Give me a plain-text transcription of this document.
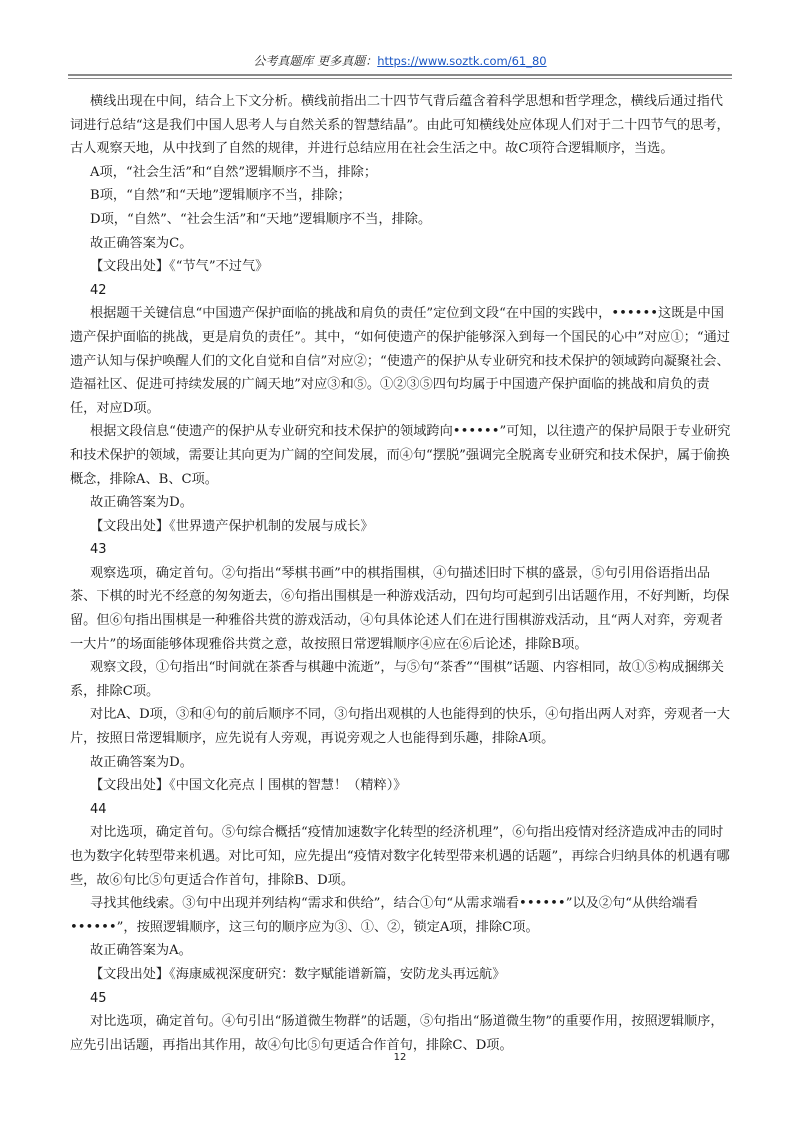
公考真题库 更多真题：https://www.soztk.com/61_80

横线出现在中间，结合上下文分析。横线前指出二十四节气背后蕴含着科学思想和哲学理念，横线后通过指代词进行总结“这是我们中国人思考人与自然关系的智慧结晶”。由此可知横线处应体现人们对于二十四节气的思考，古人观察天地，从中找到了自然的规律，并进行总结应用在社会生活之中。故C项符合逻辑顺序，当选。

A项，“社会生活”和“自然”逻辑顺序不当，排除；

B项，“自然”和“天地”逻辑顺序不当，排除；

D项，“自然”、“社会生活”和“天地”逻辑顺序不当，排除。

故正确答案为C。

【文段出处】《“节气”不过气》

42

根据题干关键信息“中国遗产保护面临的挑战和肩负的责任”定位到文段“在中国的实践中，••••••这既是中国遗产保护面临的挑战，更是肩负的责任”。其中，“如何使遗产的保护能够深入到每一个国民的心中”对应①；“通过遗产认知与保护唤醒人们的文化自觉和自信”对应②；“使遗产的保护从专业研究和技术保护的领域跨向凝聚社会、造福社区、促进可持续发展的广阔天地”对应③和⑤。①②③⑤四句均属于中国遗产保护面临的挑战和肩负的责任，对应D项。

根据文段信息“使遗产的保护从专业研究和技术保护的领域跨向••••••”可知，以往遗产的保护局限于专业研究和技术保护的领域，需要让其向更为广阔的空间发展，而④句“摆脱”强调完全脱离专业研究和技术保护，属于偷换概念，排除A、B、C项。

故正确答案为D。

【文段出处】《世界遗产保护机制的发展与成长》

43

观察选项，确定首句。②句指出“琴棋书画”中的棋指围棋，④句描述旧时下棋的盛景，⑤句引用俗语指出品茶、下棋的时光不经意的匆匆逝去，⑥句指出围棋是一种游戏活动，四句均可起到引出话题作用，不好判断，均保留。但⑥句指出围棋是一种雅俗共赏的游戏活动，④句具体论述人们在进行围棋游戏活动，且“两人对弈，旁观者一大片”的场面能够体现雅俗共赏之意，故按照日常逻辑顺序④应在⑥后论述，排除B项。

观察文段，①句指出“时间就在茶香与棋趣中流逝”，与⑤句“茶香”“围棋”话题、内容相同，故①⑤构成捆绑关系，排除C项。

对比A、D项，③和④句的前后顺序不同，③句指出观棋的人也能得到的快乐，④句指出两人对弈，旁观者一大片，按照日常逻辑顺序，应先说有人旁观，再说旁观之人也能得到乐趣，排除A项。

故正确答案为D。

【文段出处】《中国文化亮点丨围棋的智慧！（精粹）》

44

对比选项，确定首句。⑤句综合概括“疫情加速数字化转型的经济机理”，⑥句指出疫情对经济造成冲击的同时也为数字化转型带来机遇。对比可知，应先提出“疫情对数字化转型带来机遇的话题”，再综合归纳具体的机遇有哪些，故⑥句比⑤句更适合作首句，排除B、D项。

寻找其他线索。③句中出现并列结构“需求和供给”，结合①句“从需求端看••••••”以及②句“从供给端看••••••”，按照逻辑顺序，这三句的顺序应为③、①、②，锁定A项，排除C项。

故正确答案为A。

【文段出处】《海康威视深度研究：数字赋能谱新篇，安防龙头再远航》

45

对比选项，确定首句。④句引出“肠道微生物群”的话题，⑤句指出“肠道微生物”的重要作用，按照逻辑顺序，应先引出话题，再指出其作用，故④句比⑤句更适合作首句，排除C、D项。

12
